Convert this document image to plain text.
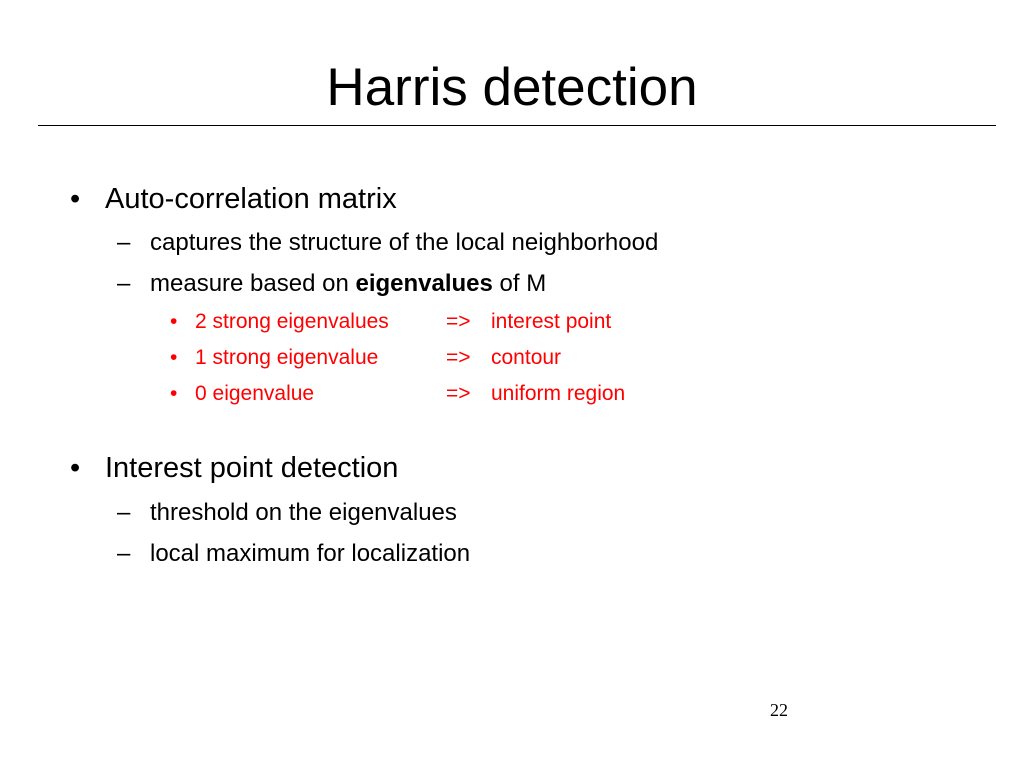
Harris detection
• Auto-correlation matrix
– captures the structure of the local neighborhood
– measure based on eigenvalues of M
• 2 strong eigenvalues	=> interest point
• 1 strong eigenvalue	=> contour
• 0 eigenvalue	=> uniform region
• Interest point detection
– threshold on the eigenvalues
– local maximum for localization
22
